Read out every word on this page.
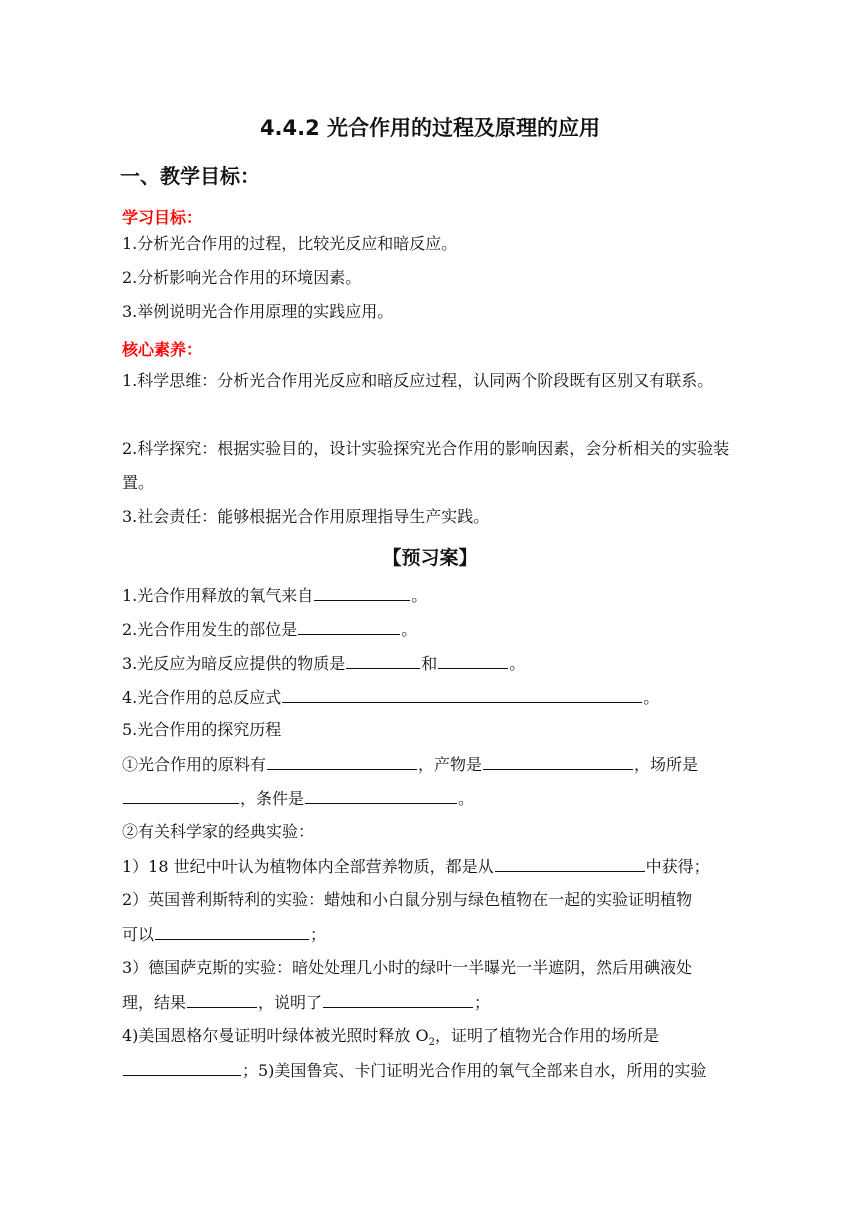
4.4.2 光合作用的过程及原理的应用
一、教学目标：
学习目标：
1.分析光合作用的过程，比较光反应和暗反应。
2.分析影响光合作用的环境因素。
3.举例说明光合作用原理的实践应用。
核心素养：
1.科学思维：分析光合作用光反应和暗反应过程，认同两个阶段既有区别又有联系。
2.科学探究：根据实验目的，设计实验探究光合作用的影响因素，会分析相关的实验装置。
3.社会责任：能够根据光合作用原理指导生产实践。
【预习案】
1.光合作用释放的氧气来自	。
2.光合作用发生的部位是	。
3.光反应为暗反应提供的物质是	和	。
4.光合作用的总反应式	。
5.光合作用的探究历程
①光合作用的原料有	，产物是	，场所是
，条件是	。
②有关科学家的经典实验：
1）18 世纪中叶认为植物体内全部营养物质，都是从	中获得；
2）英国普利斯特利的实验：蜡烛和小白鼠分别与绿色植物在一起的实验证明植物
可以	；
3）德国萨克斯的实验：暗处处理几小时的绿叶一半曝光一半遮阴，然后用碘液处
理，结果	，说明了	；
4)美国恩格尔曼证明叶绿体被光照时释放 $O_2$，证明了植物光合作用的场所是
；5)美国鲁宾、卡门证明光合作用的氧气全部来自水，所用的实验
